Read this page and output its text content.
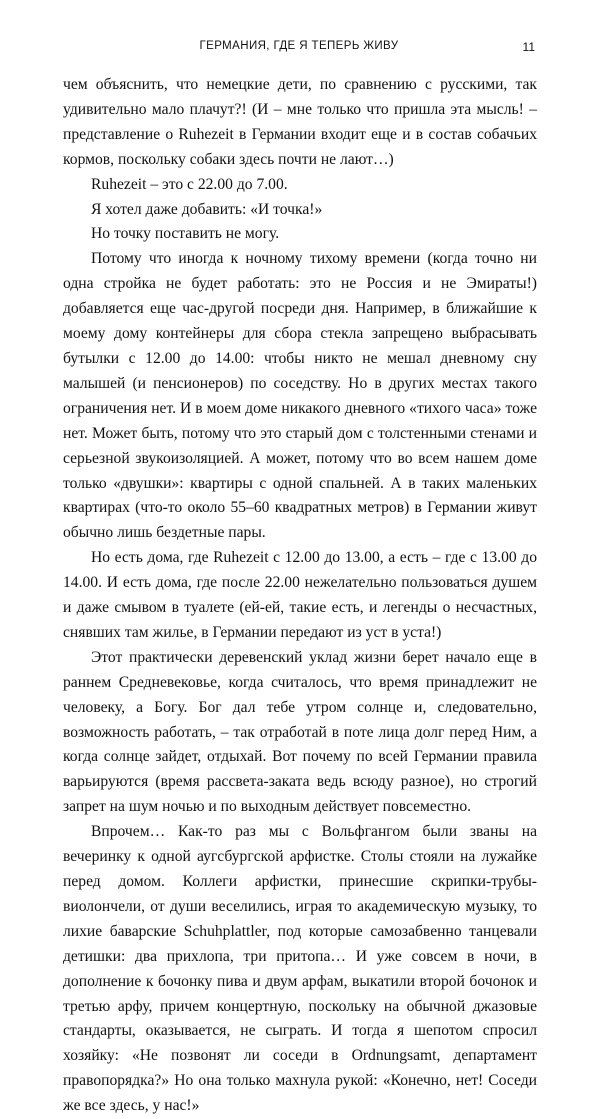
ГЕРМАНИЯ, ГДЕ Я ТЕПЕРЬ ЖИВУ	11

чем объяснить, что немецкие дети, по сравнению с русскими, так удивительно мало плачут?! (И – мне только что пришла эта мысль! – представление о Ruhezeit в Германии входит еще и в состав собачьих кормов, поскольку собаки здесь почти не лают…)

Ruhezeit – это с 22.00 до 7.00.

Я хотел даже добавить: «И точка!»

Но точку поставить не могу.

Потому что иногда к ночному тихому времени (когда точно ни одна стройка не будет работать: это не Россия и не Эмираты!) добавляется еще час-другой посреди дня. Например, в ближайшие к моему дому контейнеры для сбора стекла запрещено выбрасывать бутылки с 12.00 до 14.00: чтобы никто не мешал дневному сну малышей (и пенсионеров) по соседству. Но в других местах такого ограничения нет. И в моем доме никакого дневного «тихого часа» тоже нет. Может быть, потому что это старый дом с толстенными стенами и серьезной звукоизоляцией. А может, потому что во всем нашем доме только «двушки»: квартиры с одной спальней. А в таких маленьких квартирах (что-то около 55–60 квадратных метров) в Германии живут обычно лишь бездетные пары.

Но есть дома, где Ruhezeit с 12.00 до 13.00, а есть – где с 13.00 до 14.00. И есть дома, где после 22.00 нежелательно пользоваться душем и даже смывом в туалете (ей-ей, такие есть, и легенды о несчастных, снявших там жилье, в Германии передают из уст в уста!)

Этот практически деревенский уклад жизни берет начало еще в раннем Средневековье, когда считалось, что время принадлежит не человеку, а Богу. Бог дал тебе утром солнце и, следовательно, возможность работать, – так отработай в поте лица долг перед Ним, а когда солнце зайдет, отдыхай. Вот почему по всей Германии правила варьируются (время рассвета-заката ведь всюду разное), но строгий запрет на шум ночью и по выходным действует повсеместно.

Впрочем… Как-то раз мы с Вольфгангом были званы на вечеринку к одной аугсбургской арфистке. Столы стояли на лужайке перед домом. Коллеги арфистки, принесшие скрипки-трубы-виолончели, от души веселились, играя то академическую музыку, то лихие баварские Schuhplattler, под которые самозабвенно танцевали детишки: два прихлопа, три притопа… И уже совсем в ночи, в дополнение к бочонку пива и двум арфам, выкатили второй бочонок и третью арфу, причем концертную, поскольку на обычной джазовые стандарты, оказывается, не сыграть. И тогда я шепотом спросил хозяйку: «Не позвонят ли соседи в Ordnungsamt, департамент правопорядка?» Но она только махнула рукой: «Конечно, нет! Соседи же все здесь, у нас!»
